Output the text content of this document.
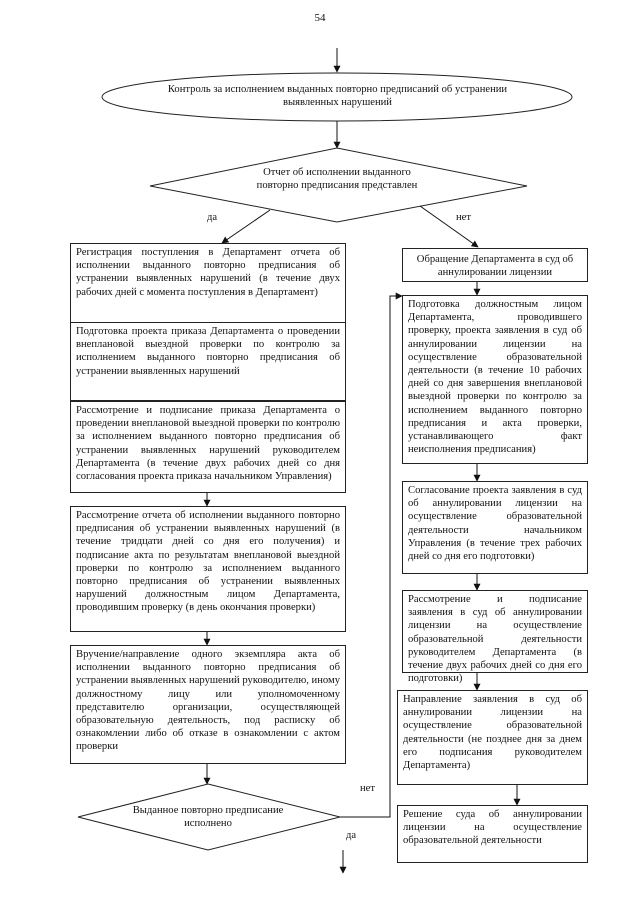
54
Контроль за исполнением выданных повторно предписаний об устранении выявленных нарушений
Отчет об исполнении выданного повторно предписания представлен
Выданное повторно предписание исполнено
Регистрация поступления в Департамент отчета об исполнении выданного повторно предписания об устранении выявленных нарушений (в течение двух рабочих дней с момента поступления в Департамент)
Подготовка проекта приказа Департамента о проведении внеплановой выездной проверки по контролю за исполнением выданного повторно предписания об устранении выявленных нарушений
Рассмотрение и подписание приказа Департамента о проведении внеплановой выездной проверки по контролю за исполнением выданного повторно предписания об устранении выявленных нарушений руководителем Департамента (в течение двух рабочих дней со дня согласования проекта приказа начальником Управления)
Рассмотрение отчета об исполнении выданного повторно предписания об устранении выявленных нарушений (в течение тридцати дней со дня его получения) и подписание акта по результатам внеплановой выездной проверки по контролю за исполнением выданного повторно предписания об устранении выявленных нарушений должностным лицом Департамента, проводившим проверку (в день окончания проверки)
Вручение/направление одного экземпляра акта об исполнении выданного повторно предписания об устранении выявленных нарушений руководителю, иному должностному лицу или уполномоченному представителю организации, осуществляющей образовательную деятельность, под расписку об ознакомлении либо об отказе в ознакомлении с актом проверки
Обращение Департамента в суд об аннулировании лицензии
Подготовка должностным лицом Департамента, проводившего проверку, проекта заявления в суд об аннулировании лицензии на осуществление образовательной деятельности (в течение 10 рабочих дней со дня завершения внеплановой выездной проверки по контролю за исполнением выданного повторно предписания и акта проверки, устанавливающего факт неисполнения предписания)
Согласование проекта заявления в суд об аннулировании лицензии на осуществление образовательной деятельности начальником Управления (в течение трех рабочих дней со дня его подготовки)
Рассмотрение и подписание заявления в суд об аннулировании лицензии на осуществление образовательной деятельности руководителем Департамента (в течение двух рабочих дней со дня его подготовки)
Направление заявления в суд об аннулировании лицензии на осуществление образовательной деятельности (не позднее дня за днем его подписания руководителем Департамента)
Решение суда об аннулировании лицензии на осуществление образовательной деятельности
да	нет
нет
да
